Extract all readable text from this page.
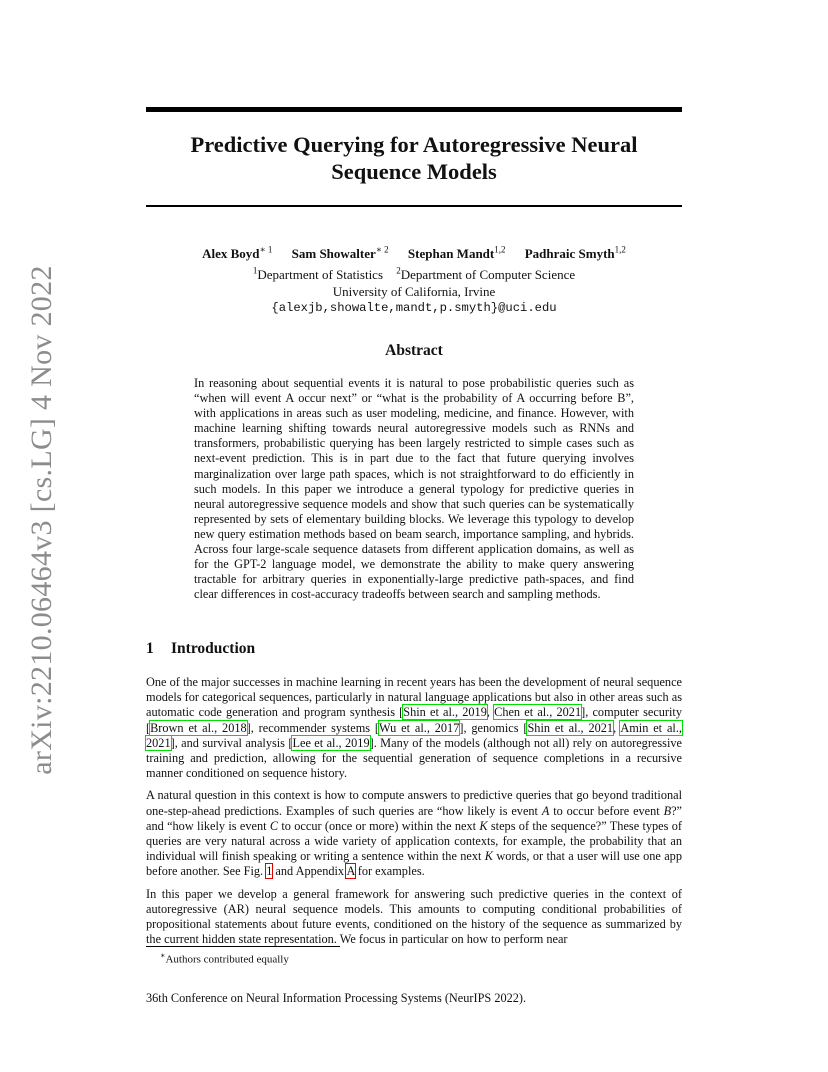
arXiv:2210.06464v3 [cs.LG] 4 Nov 2022
Predictive Querying for Autoregressive Neural
Sequence Models
Alex Boyd$^{∗ 1}$ Sam Showalter$^{∗ 2}$ Stephan Mandt$^{1,2}$ Padhraic Smyth$^{1,2}$
$^1$Department of Statistics $^2$Department of Computer Science
University of California, Irvine
{alexjb,showalte,mandt,p.smyth}@uci.edu
Abstract

In reasoning about sequential events it is natural to pose probabilistic queries such as “when will event A occur next” or “what is the probability of A occurring before B”, with applications in areas such as user modeling, medicine, and finance. However, with machine learning shifting towards neural autoregressive models such as RNNs and transformers, probabilistic querying has been largely restricted to simple cases such as next-event prediction. This is in part due to the fact that future querying involves marginalization over large path spaces, which is not straightforward to do efficiently in such models. In this paper we introduce a general typology for predictive queries in neural autoregressive sequence models and show that such queries can be systematically represented by sets of elementary building blocks. We leverage this typology to develop new query estimation methods based on beam search, importance sampling, and hybrids. Across four large-scale sequence datasets from different application domains, as well as for the GPT-2 language model, we demonstrate the ability to make query answering tractable for arbitrary queries in exponentially-large predictive path-spaces, and find clear differences in cost-accuracy tradeoffs between search and sampling methods.

1 Introduction

One of the major successes in machine learning in recent years has been the development of neural sequence models for categorical sequences, particularly in natural language applications but also in other areas such as automatic code generation and program synthesis [Shin et al., 2019, Chen et al., 2021], computer security [Brown et al., 2018], recommender systems [Wu et al., 2017], genomics [Shin et al., 2021, Amin et al., 2021], and survival analysis [Lee et al., 2019]. Many of the models (although not all) rely on autoregressive training and prediction, allowing for the sequential generation of sequence completions in a recursive manner conditioned on sequence history.

A natural question in this context is how to compute answers to predictive queries that go beyond traditional one-step-ahead predictions. Examples of such queries are “how likely is event A to occur before event B?” and “how likely is event C to occur (once or more) within the next K steps of the sequence?” These types of queries are very natural across a wide variety of application contexts, for example, the probability that an individual will finish speaking or writing a sentence within the next K words, or that a user will use one app before another. See Fig. 1 and Appendix A for examples.

In this paper we develop a general framework for answering such predictive queries in the context of autoregressive (AR) neural sequence models. This amounts to computing conditional probabilities of propositional statements about future events, conditioned on the history of the sequence as summarized by the current hidden state representation. We focus in particular on how to perform near

∗Authors contributed equally
36th Conference on Neural Information Processing Systems (NeurIPS 2022).
